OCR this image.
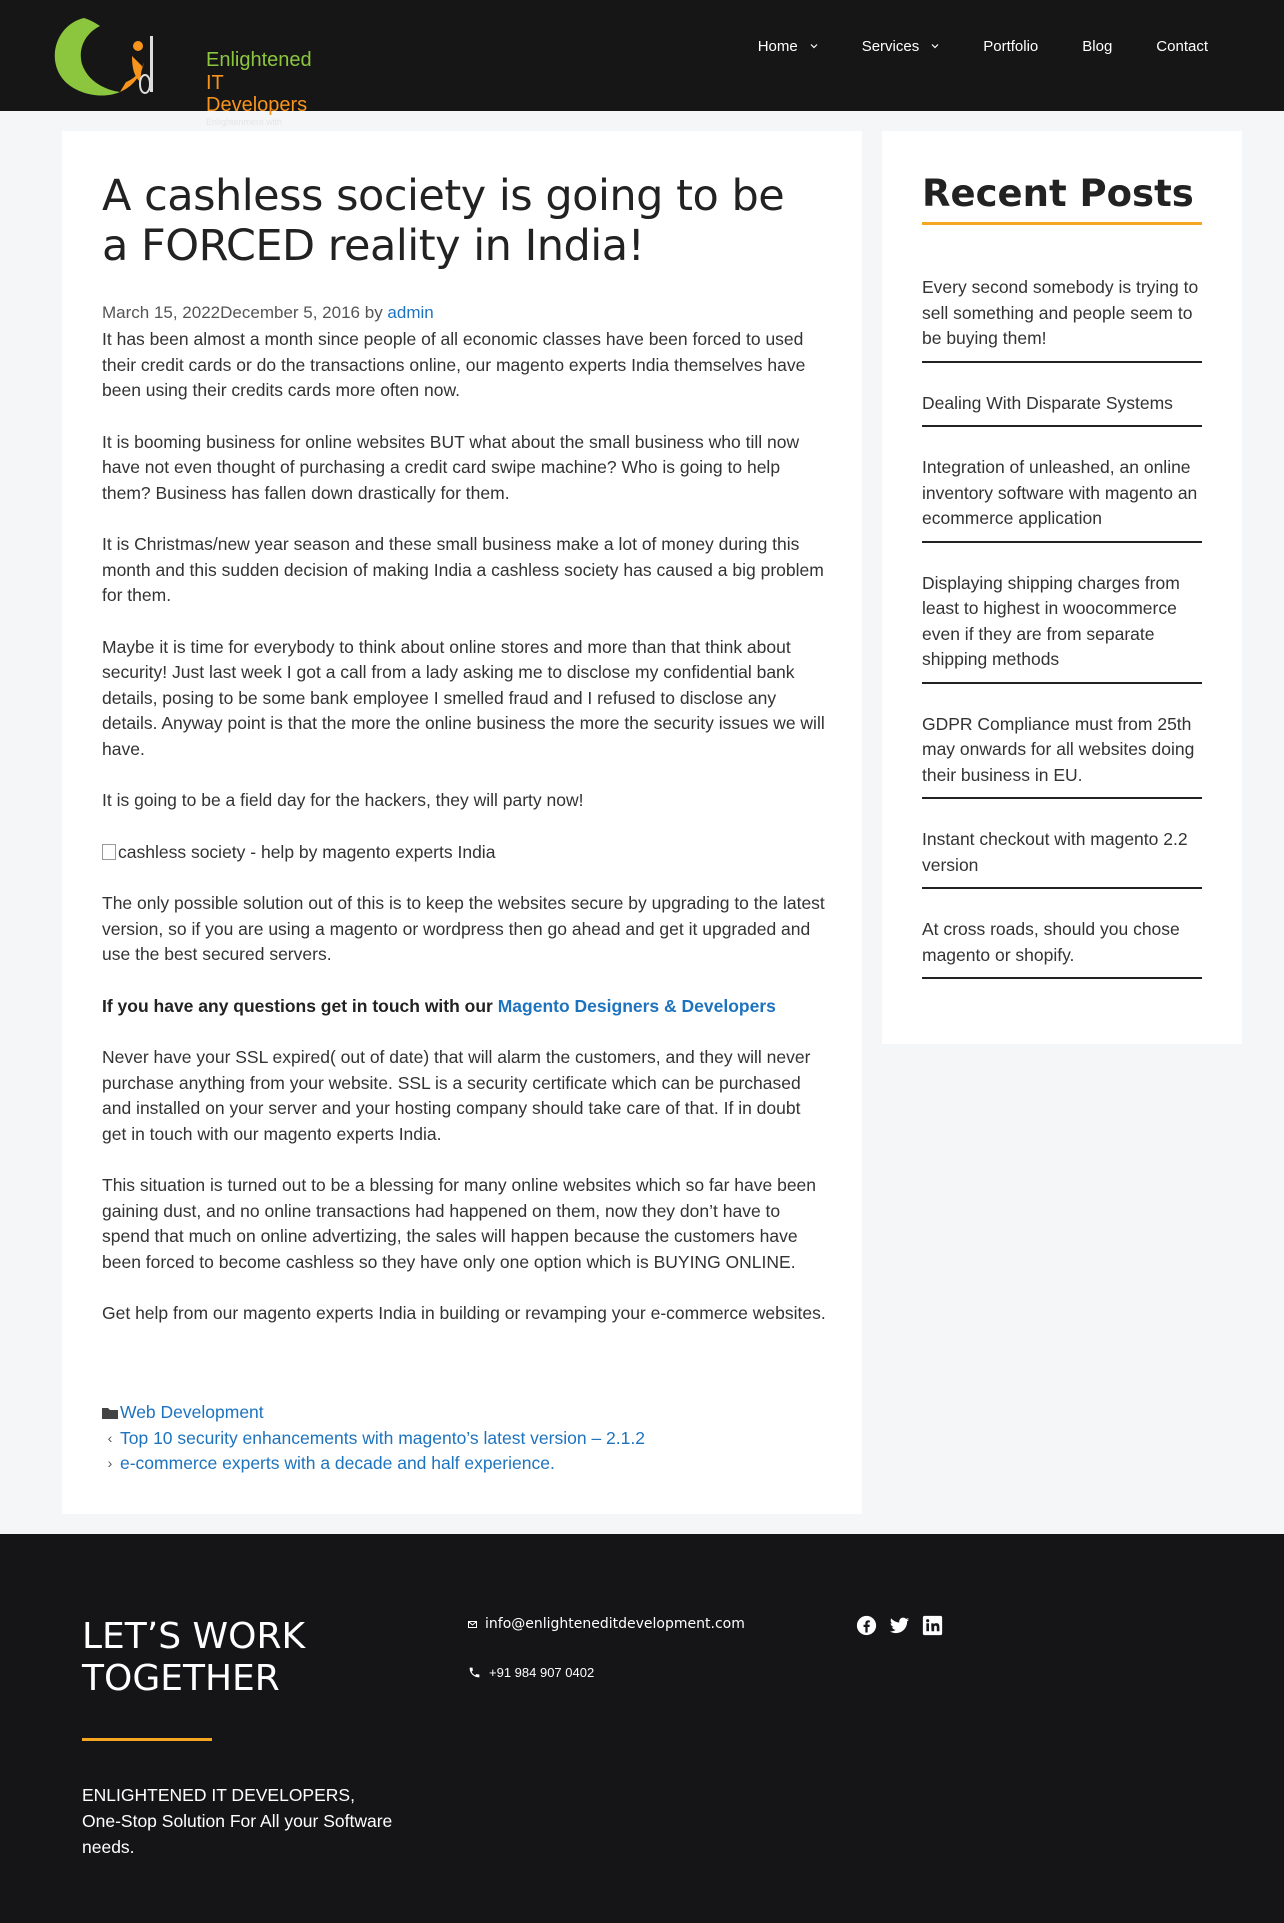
Enlightened
IT Developers
Enlightenment with
Home	Services	Portfolio	Blog	Contact
A cashless society is going to be a FORCED reality in India!
March 15, 2022December 5, 2016 by admin

It has been almost a month since people of all economic classes have been forced to used their credit cards or do the transactions online, our magento experts India themselves have been using their credits cards more often now.

It is booming business for online websites BUT what about the small business who till now have not even thought of purchasing a credit card swipe machine? Who is going to help them? Business has fallen down drastically for them.

It is Christmas/new year season and these small business make a lot of money during this month and this sudden decision of making India a cashless society has caused a big problem for them.

Maybe it is time for everybody to think about online stores and more than that think about security! Just last week I got a call from a lady asking me to disclose my confidential bank details, posing to be some bank employee I smelled fraud and I refused to disclose any details. Anyway point is that the more the online business the more the security issues we will have.

It is going to be a field day for the hackers, they will party now!

cashless society - help by magento experts India

The only possible solution out of this is to keep the websites secure by upgrading to the latest version, so if you are using a magento or wordpress then go ahead and get it upgraded and use the best secured servers.

If you have any questions get in touch with our Magento Designers & Developers

Never have your SSL expired( out of date) that will alarm the customers, and they will never purchase anything from your website. SSL is a security certificate which can be purchased and installed on your server and your hosting company should take care of that. If in doubt get in touch with our magento experts India.

This situation is turned out to be a blessing for many online websites which so far have been gaining dust, and no online transactions had happened on them, now they don’t have to spend that much on online advertizing, the sales will happen because the customers have been forced to become cashless so they have only one option which is BUYING ONLINE.

Get help from our magento experts India in building or revamping your e-commerce websites.

Web Development
‹ Top 10 security enhancements with magento’s latest version – 2.1.2
› e-commerce experts with a decade and half experience.
Recent Posts
Every second somebody is trying to sell something and people seem to be buying them!
Dealing With Disparate Systems
Integration of unleashed, an online inventory software with magento an ecommerce application
Displaying shipping charges from least to highest in woocommerce even if they are from separate shipping methods
GDPR Compliance must from 25th may onwards for all websites doing their business in EU.
Instant checkout with magento 2.2 version
At cross roads, should you chose magento or shopify.
LET’S WORK TOGETHER
ENLIGHTENED IT DEVELOPERS,
One-Stop Solution For All your Software needs.
info@enlighteneditdevelopment.com
+91 984 907 0402
